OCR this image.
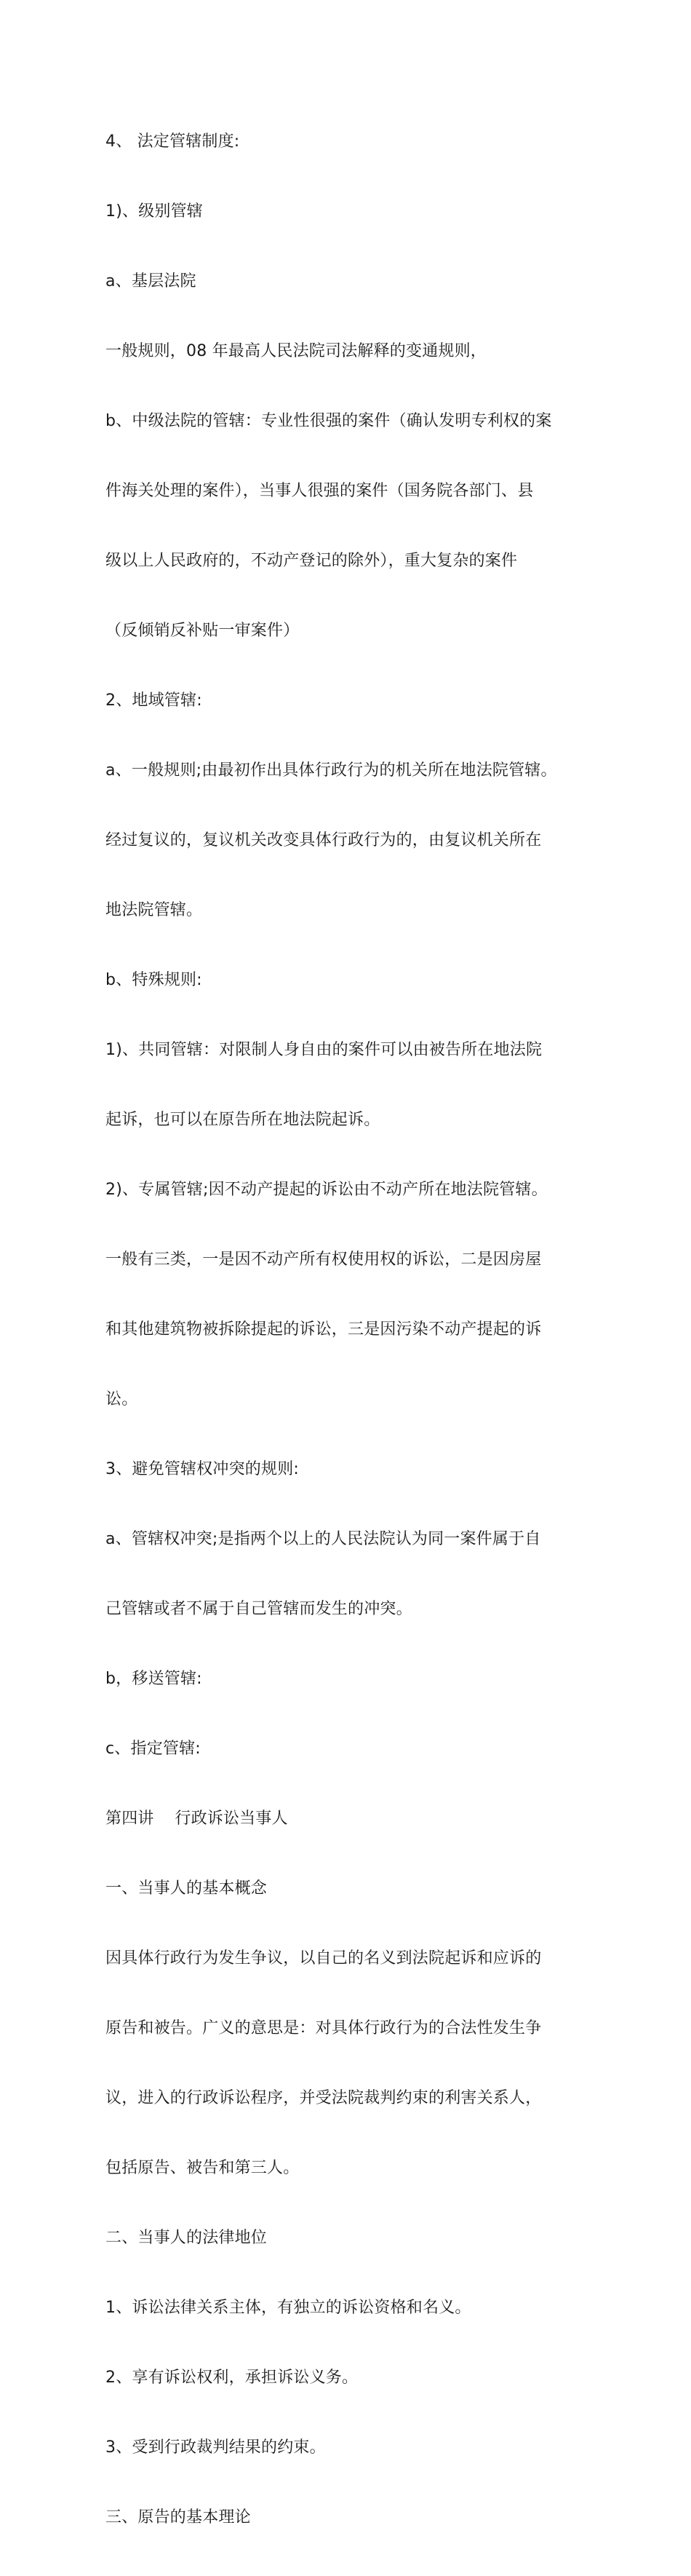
4、 法定管辖制度:

1)、级别管辖

a、基层法院

一般规则，08 年最高人民法院司法解释的变通规则，

b、中级法院的管辖：专业性很强的案件（确认发明专利权的案

件海关处理的案件），当事人很强的案件（国务院各部门、县

级以上人民政府的，不动产登记的除外），重大复杂的案件

（反倾销反补贴一审案件）

2、地域管辖:

a、一般规则;由最初作出具体行政行为的机关所在地法院管辖。

经过复议的，复议机关改变具体行政行为的，由复议机关所在

地法院管辖。

b、特殊规则:

1)、共同管辖：对限制人身自由的案件可以由被告所在地法院

起诉，也可以在原告所在地法院起诉。

2)、专属管辖;因不动产提起的诉讼由不动产所在地法院管辖。

一般有三类，一是因不动产所有权使用权的诉讼，二是因房屋

和其他建筑物被拆除提起的诉讼，三是因污染不动产提起的诉

讼。

3、避免管辖权冲突的规则:

a、管辖权冲突;是指两个以上的人民法院认为同一案件属于自

己管辖或者不属于自己管辖而发生的冲突。

b，移送管辖:

c、指定管辖:

第四讲    行政诉讼当事人

一、当事人的基本概念

因具体行政行为发生争议，以自己的名义到法院起诉和应诉的

原告和被告。广义的意思是：对具体行政行为的合法性发生争

议，进入的行政诉讼程序，并受法院裁判约束的利害关系人，

包括原告、被告和第三人。

二、当事人的法律地位

1、诉讼法律关系主体，有独立的诉讼资格和名义。

2、享有诉讼权利，承担诉讼义务。

3、受到行政裁判结果的约束。

三、原告的基本理论
